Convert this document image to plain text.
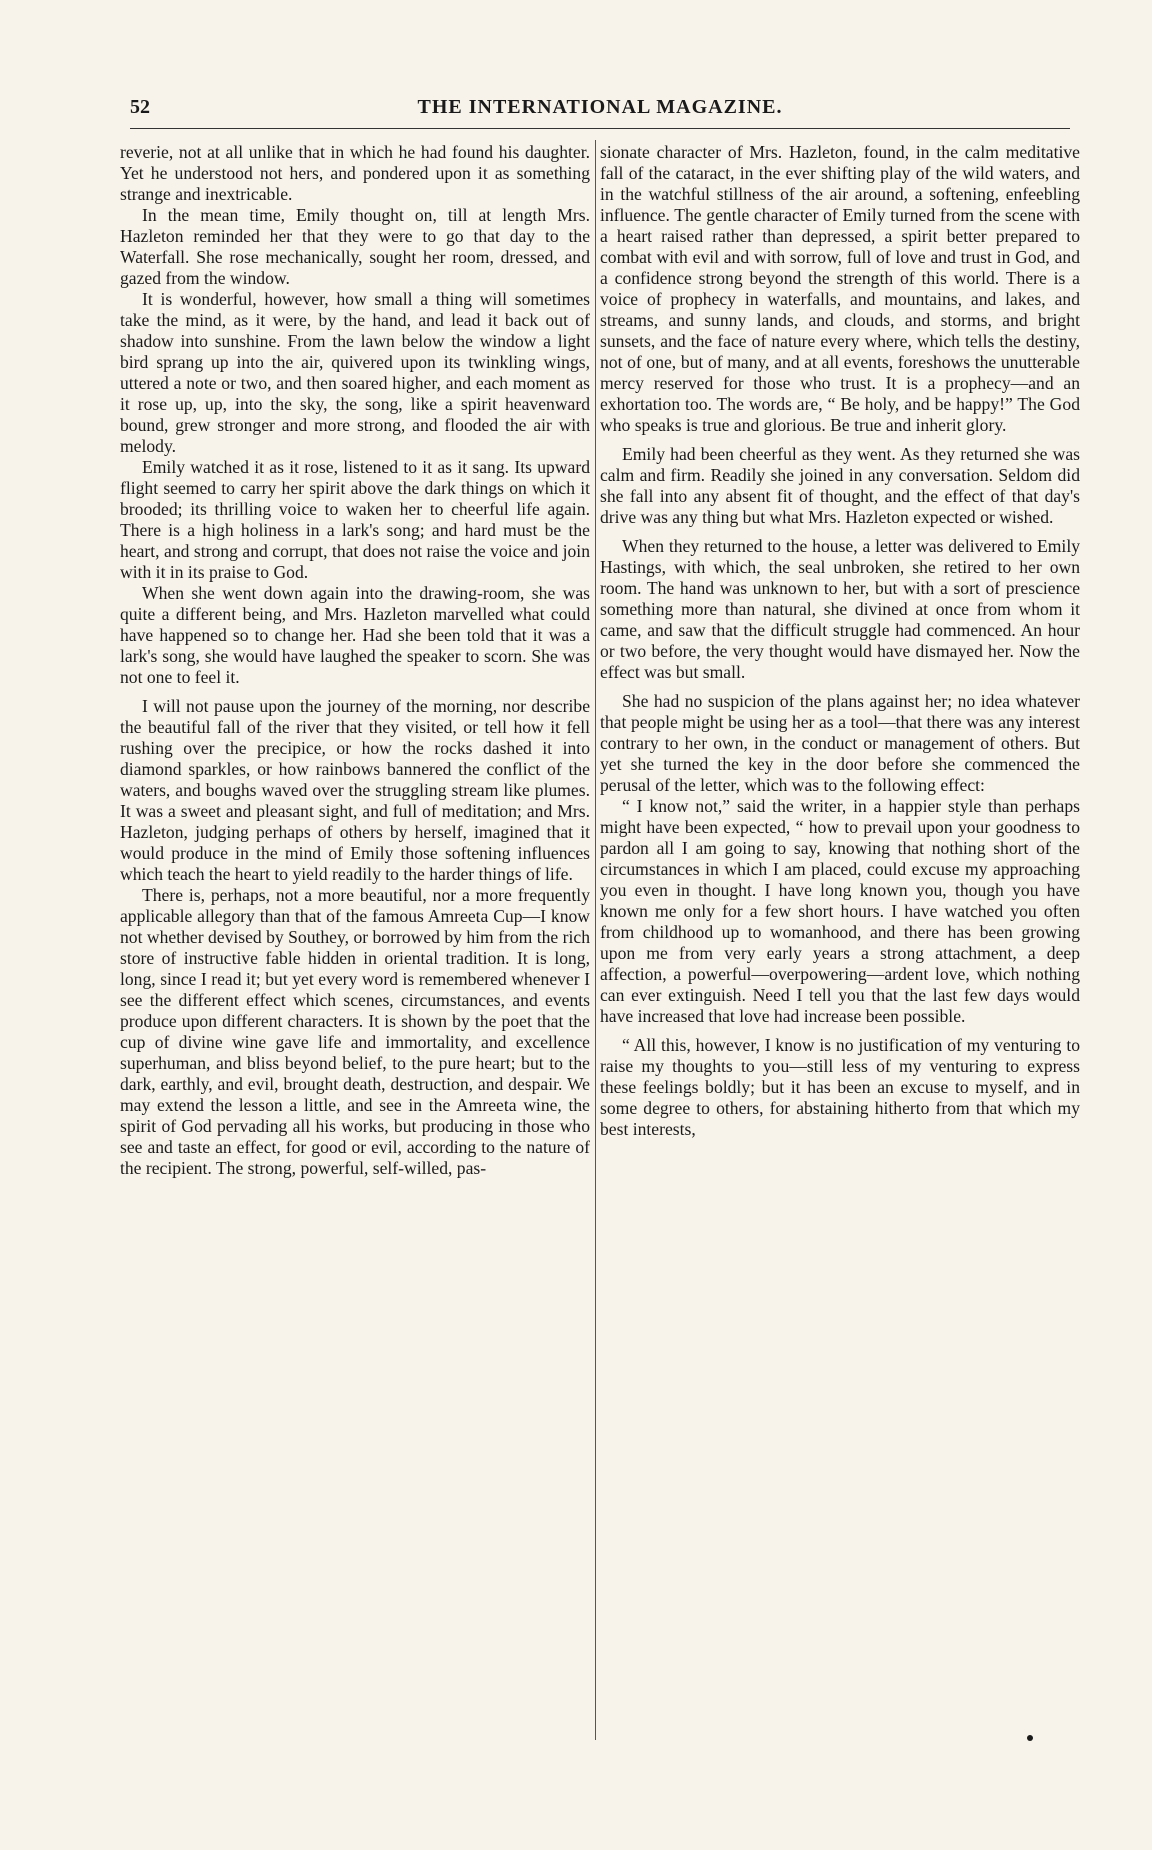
52	THE INTERNATIONAL MAGAZINE.

reverie, not at all unlike that in which he had found his daughter. Yet he understood not hers, and pondered upon it as something strange and inextricable.

In the mean time, Emily thought on, till at length Mrs. Hazleton reminded her that they were to go that day to the Waterfall. She rose mechanically, sought her room, dressed, and gazed from the window.

It is wonderful, however, how small a thing will sometimes take the mind, as it were, by the hand, and lead it back out of shadow into sunshine. From the lawn below the window a light bird sprang up into the air, quivered upon its twinkling wings, uttered a note or two, and then soared higher, and each moment as it rose up, up, into the sky, the song, like a spirit heavenward bound, grew stronger and more strong, and flooded the air with melody.

Emily watched it as it rose, listened to it as it sang. Its upward flight seemed to carry her spirit above the dark things on which it brooded; its thrilling voice to waken her to cheerful life again. There is a high holiness in a lark's song; and hard must be the heart, and strong and corrupt, that does not raise the voice and join with it in its praise to God.

When she went down again into the drawing-room, she was quite a different being, and Mrs. Hazleton marvelled what could have happened so to change her. Had she been told that it was a lark's song, she would have laughed the speaker to scorn. She was not one to feel it.

I will not pause upon the journey of the morning, nor describe the beautiful fall of the river that they visited, or tell how it fell rushing over the precipice, or how the rocks dashed it into diamond sparkles, or how rainbows bannered the conflict of the waters, and boughs waved over the struggling stream like plumes. It was a sweet and pleasant sight, and full of meditation; and Mrs. Hazleton, judging perhaps of others by herself, imagined that it would produce in the mind of Emily those softening influences which teach the heart to yield readily to the harder things of life.

There is, perhaps, not a more beautiful, nor a more frequently applicable allegory than that of the famous Amreeta Cup—I know not whether devised by Southey, or borrowed by him from the rich store of instructive fable hidden in oriental tradition. It is long, long, since I read it; but yet every word is remembered whenever I see the different effect which scenes, circumstances, and events produce upon different characters. It is shown by the poet that the cup of divine wine gave life and immortality, and excellence superhuman, and bliss beyond belief, to the pure heart; but to the dark, earthly, and evil, brought death, destruction, and despair. We may extend the lesson a little, and see in the Amreeta wine, the spirit of God pervading all his works, but producing in those who see and taste an effect, for good or evil, according to the nature of the recipient. The strong, powerful, self-willed, pas-

sionate character of Mrs. Hazleton, found, in the calm meditative fall of the cataract, in the ever shifting play of the wild waters, and in the watchful stillness of the air around, a softening, enfeebling influence. The gentle character of Emily turned from the scene with a heart raised rather than depressed, a spirit better prepared to combat with evil and with sorrow, full of love and trust in God, and a confidence strong beyond the strength of this world. There is a voice of prophecy in waterfalls, and mountains, and lakes, and streams, and sunny lands, and clouds, and storms, and bright sunsets, and the face of nature every where, which tells the destiny, not of one, but of many, and at all events, foreshows the unutterable mercy reserved for those who trust. It is a prophecy—and an exhortation too. The words are, “ Be holy, and be happy!” The God who speaks is true and glorious. Be true and inherit glory.

Emily had been cheerful as they went. As they returned she was calm and firm. Readily she joined in any conversation. Seldom did she fall into any absent fit of thought, and the effect of that day's drive was any thing but what Mrs. Hazleton expected or wished.

When they returned to the house, a letter was delivered to Emily Hastings, with which, the seal unbroken, she retired to her own room. The hand was unknown to her, but with a sort of prescience something more than natural, she divined at once from whom it came, and saw that the difficult struggle had commenced. An hour or two before, the very thought would have dismayed her. Now the effect was but small.

She had no suspicion of the plans against her; no idea whatever that people might be using her as a tool—that there was any interest contrary to her own, in the conduct or management of others. But yet she turned the key in the door before she commenced the perusal of the letter, which was to the following effect:

“ I know not,” said the writer, in a happier style than perhaps might have been expected, “ how to prevail upon your goodness to pardon all I am going to say, knowing that nothing short of the circumstances in which I am placed, could excuse my approaching you even in thought. I have long known you, though you have known me only for a few short hours. I have watched you often from childhood up to womanhood, and there has been growing upon me from very early years a strong attachment, a deep affection, a powerful—overpowering—ardent love, which nothing can ever extinguish. Need I tell you that the last few days would have increased that love had increase been possible.

“ All this, however, I know is no justification of my venturing to raise my thoughts to you—still less of my venturing to express these feelings boldly; but it has been an excuse to myself, and in some degree to others, for abstaining hitherto from that which my best interests,
